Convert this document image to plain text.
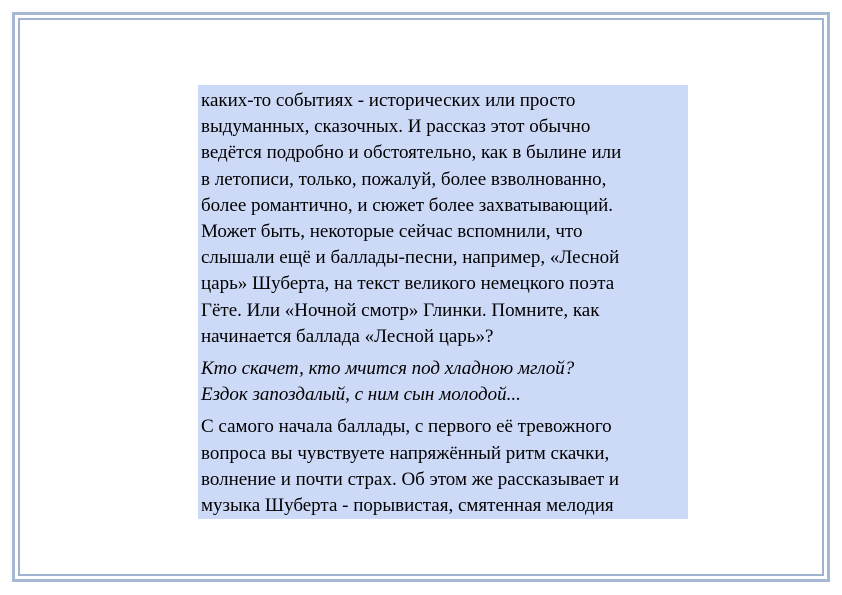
каких-то событиях - исторических или просто
выдуманных, сказочных. И рассказ этот обычно
ведётся подробно и обстоятельно, как в былине или
в летописи, только, пожалуй, более взволнованно,
более романтично, и сюжет более захватывающий.
Может быть, некоторые сейчас вспомнили, что
слышали ещё и баллады-песни, например, «Лесной
царь» Шуберта, на текст великого немецкого поэта
Гёте. Или «Ночной смотр» Глинки. Помните, как
начинается баллада «Лесной царь»?

Кто скачет, кто мчится под хладною мглой?
Ездок запоздалый, с ним сын молодой...

С самого начала баллады, с первого её тревожного
вопроса вы чувствуете напряжённый ритм скачки,
волнение и почти страх. Об этом же рассказывает и
музыка Шуберта - порывистая, смятенная мелодия
